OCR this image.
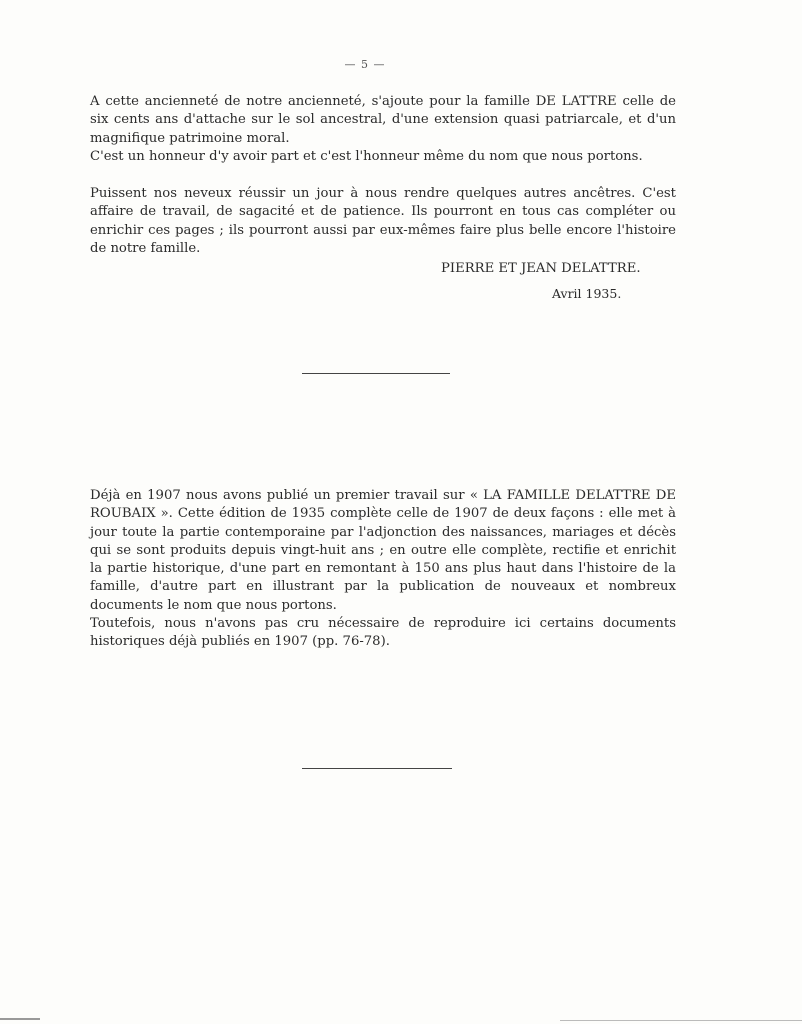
— 5 —

A cette ancienneté de notre ancienneté, s'ajoute pour la famille DE LATTRE celle de six cents ans d'attache sur le sol ancestral, d'une extension quasi patriarcale, et d'un magnifique patrimoine moral.

C'est un honneur d'y avoir part et c'est l'honneur même du nom que nous portons.

Puissent nos neveux réussir un jour à nous rendre quelques autres ancêtres. C'est affaire de travail, de sagacité et de patience. Ils pourront en tous cas compléter ou enrichir ces pages ; ils pourront aussi par eux-mêmes faire plus belle encore l'histoire de notre famille.

PIERRE ET JEAN DELATTRE.
Avril 1935.

Déjà en 1907 nous avons publié un premier travail sur « LA FAMILLE DELATTRE DE ROUBAIX ». Cette édition de 1935 complète celle de 1907 de deux façons : elle met à jour toute la partie contemporaine par l'adjonction des naissances, mariages et décès qui se sont produits depuis vingt-huit ans ; en outre elle complète, rectifie et enrichit la partie historique, d'une part en remontant à 150 ans plus haut dans l'histoire de la famille, d'autre part en illustrant par la publication de nouveaux et nombreux documents le nom que nous portons.

Toutefois, nous n'avons pas cru nécessaire de reproduire ici certains documents historiques déjà publiés en 1907 (pp. 76-78).
